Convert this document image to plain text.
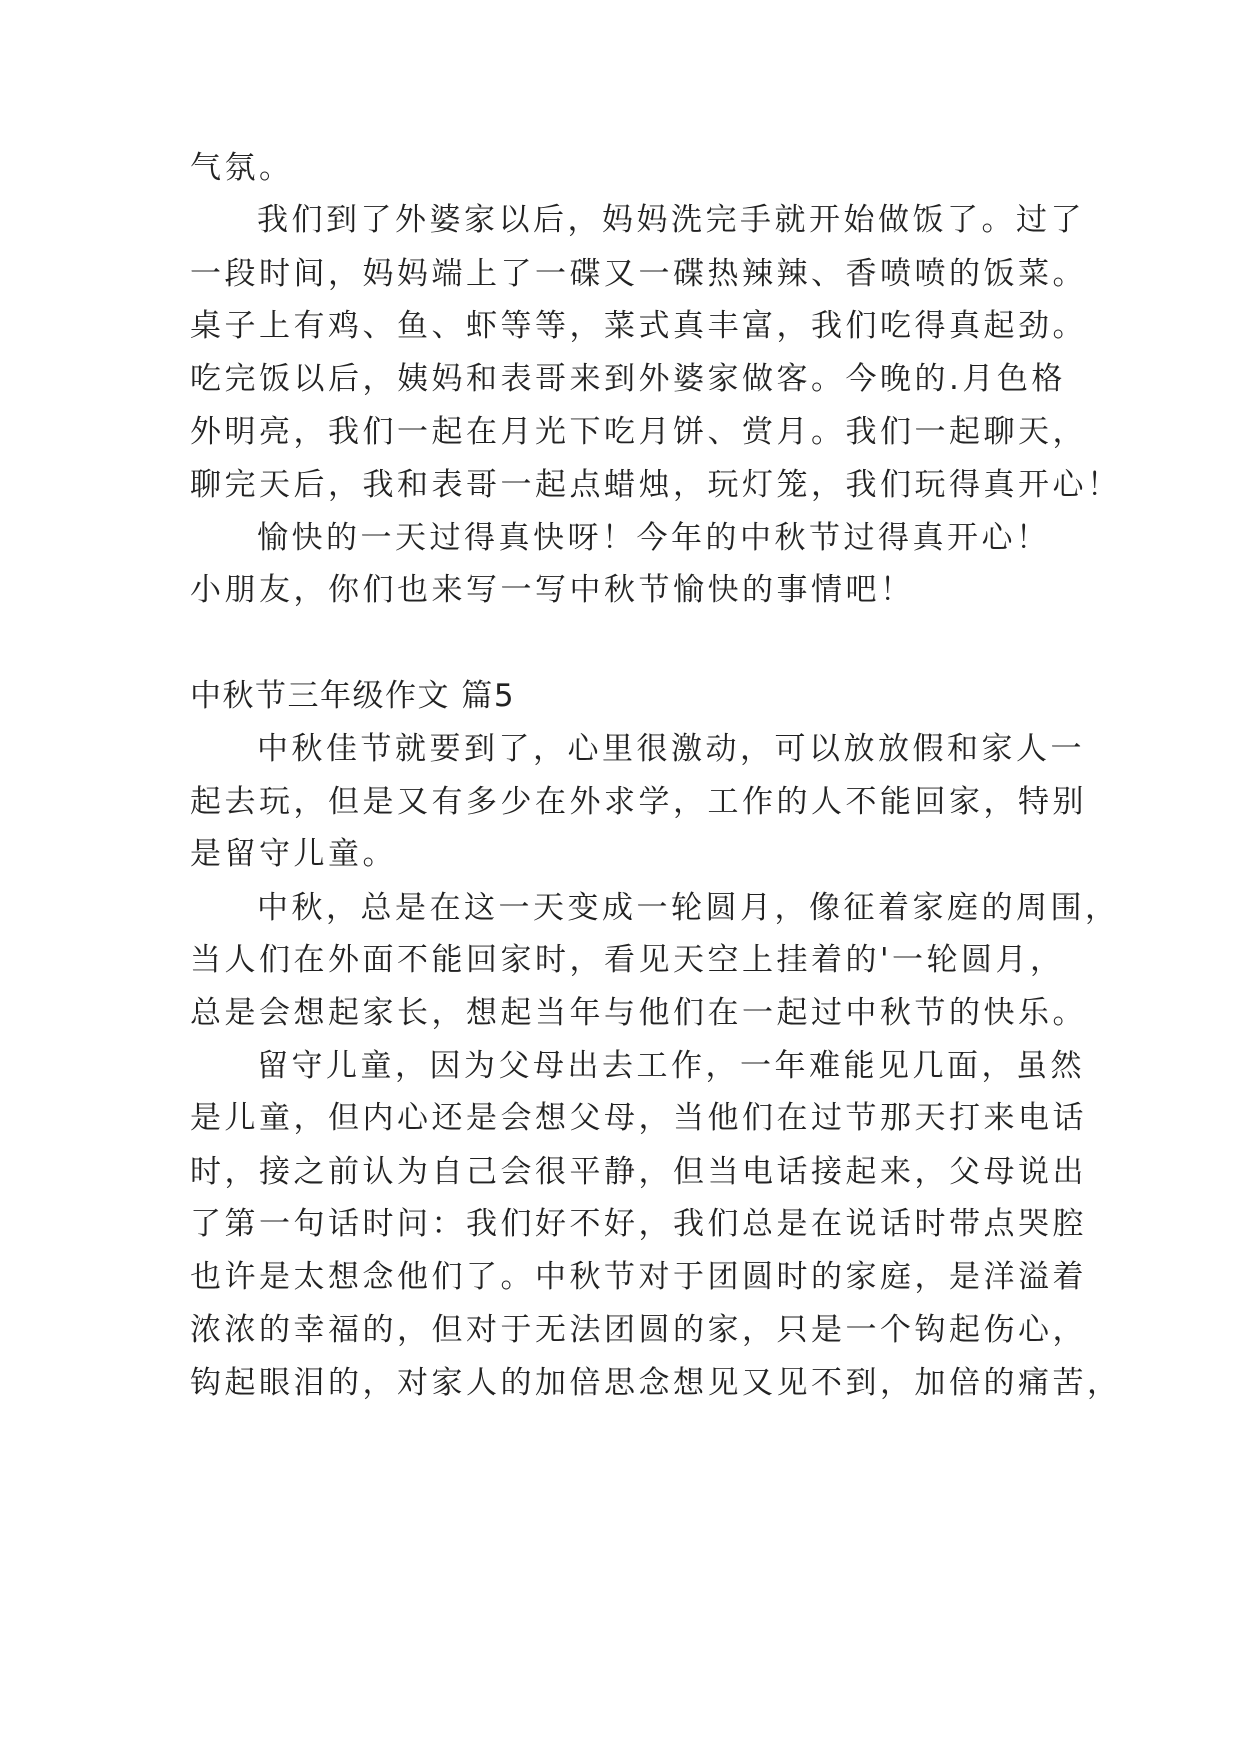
气氛。
我们到了外婆家以后，妈妈洗完手就开始做饭了。过了
一段时间，妈妈端上了一碟又一碟热辣辣、香喷喷的饭菜。
桌子上有鸡、鱼、虾等等，菜式真丰富，我们吃得真起劲。
吃完饭以后，姨妈和表哥来到外婆家做客。今晚的.月色格
外明亮，我们一起在月光下吃月饼、赏月。我们一起聊天，
聊完天后，我和表哥一起点蜡烛，玩灯笼，我们玩得真开心！
愉快的一天过得真快呀！今年的中秋节过得真开心！
小朋友，你们也来写一写中秋节愉快的事情吧！
中秋节三年级作文 篇5
中秋佳节就要到了，心里很激动，可以放放假和家人一
起去玩，但是又有多少在外求学，工作的人不能回家，特别
是留守儿童。
中秋，总是在这一天变成一轮圆月，像征着家庭的周围，
当人们在外面不能回家时，看见天空上挂着的'一轮圆月，
总是会想起家长，想起当年与他们在一起过中秋节的快乐。
留守儿童，因为父母出去工作，一年难能见几面，虽然
是儿童，但内心还是会想父母，当他们在过节那天打来电话
时，接之前认为自己会很平静，但当电话接起来，父母说出
了第一句话时问：我们好不好，我们总是在说话时带点哭腔
也许是太想念他们了。中秋节对于团圆时的家庭，是洋溢着
浓浓的幸福的，但对于无法团圆的家，只是一个钩起伤心，
钩起眼泪的，对家人的加倍思念想见又见不到，加倍的痛苦，
